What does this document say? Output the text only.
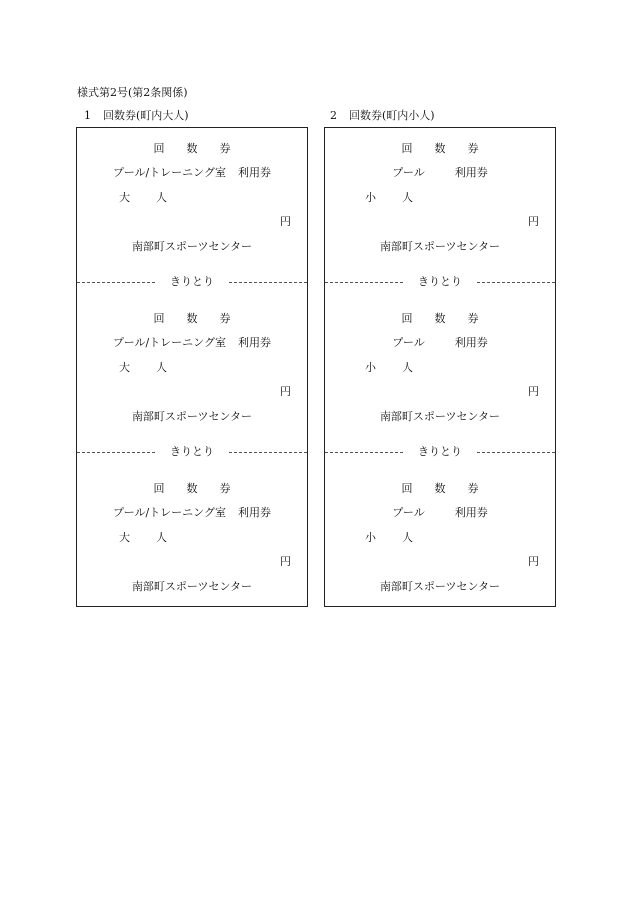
様式第2号(第2条関係)
1 回数券(町内大人)	2 回数券(町内小人)
回 数 券
プール/トレーニング室 利用券
大 人
円
南部町スポーツセンター
きりとり
回 数 券
プール/トレーニング室 利用券
大 人
円
南部町スポーツセンター
きりとり
回 数 券
プール/トレーニング室 利用券
大 人
円
南部町スポーツセンター
回 数 券
プール	利用券
小 人
円
南部町スポーツセンター
きりとり
回 数 券
プール	利用券
小 人
円
南部町スポーツセンター
きりとり
回 数 券
プール	利用券
小 人
円
南部町スポーツセンター
